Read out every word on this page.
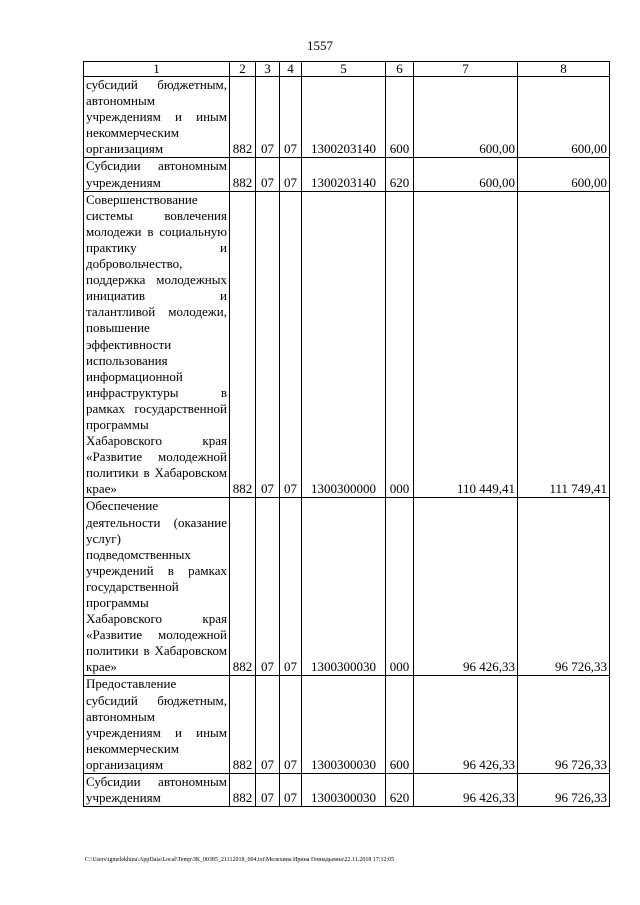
1557
1	2	3	4	5	6	7	8
субсидий бюджетным, автономным учреждениям и иным некоммерческим организациям	882	07	07	1300203140	600	600,00	600,00
Субсидии автономным учреждениям	882	07	07	1300203140	620	600,00	600,00
Совершенствование системы вовлечения молодежи в социальную практику и добровольчество, поддержка молодежных инициатив и талантливой молодежи, повышение эффективности использования информационной инфраструктуры в рамках государственной программы Хабаровского края «Развитие молодежной политики в Хабаровском крае»	882	07	07	1300300000	000	110 449,41	111 749,41
Обеспечение деятельности (оказание услуг) подведомственных учреждений в рамках государственной программы Хабаровского края «Развитие молодежной политики в Хабаровском крае»	882	07	07	1300300030	000	96 426,33	96 726,33
Предоставление субсидий бюджетным, автономным учреждениям и иным некоммерческим организациям	882	07	07	1300300030	600	96 426,33	96 726,33
Субсидии автономным учреждениям	882	07	07	1300300030	620	96 426,33	96 726,33
C:\Users\igmelekhina\AppData\Local\Temp\ЗК_00385_21112018_004.txt\Мелехина Ирина Геннадьевна\22.11.2018 17:12:05
